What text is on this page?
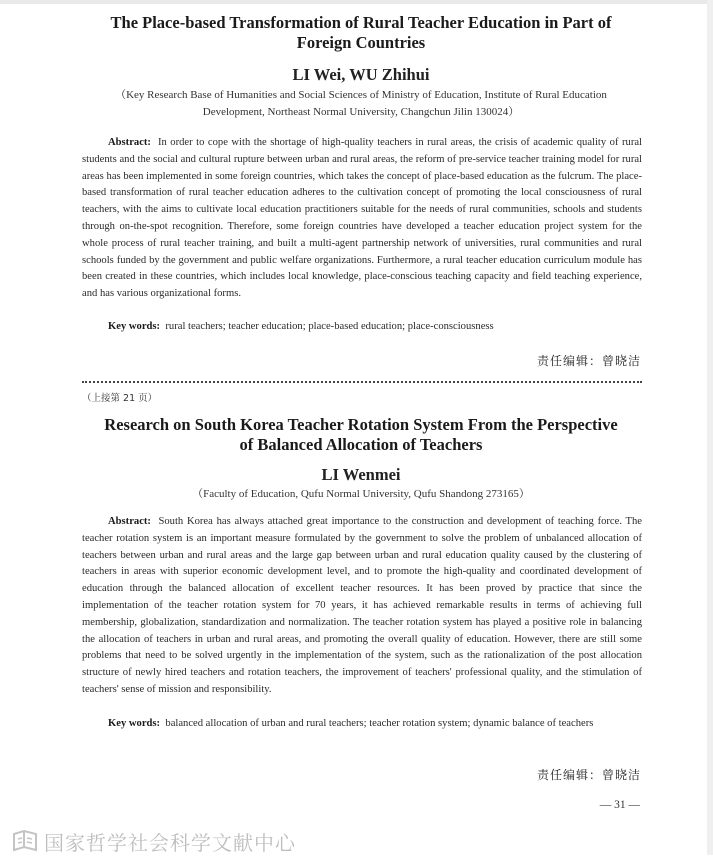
The Place-based Transformation of Rural Teacher Education in Part of
Foreign Countries
LI Wei, WU Zhihui
（Key Research Base of Humanities and Social Sciences of Ministry of Education, Institute of Rural Education
Development, Northeast Normal University, Changchun Jilin 130024）

Abstract: In order to cope with the shortage of high-quality teachers in rural areas, the crisis of academic quality of rural students and the social and cultural rupture between urban and rural areas, the reform of pre-service teacher training model for rural areas has been implemented in some foreign countries, which takes the concept of place-based education as the fulcrum. The place-based transformation of rural teacher education adheres to the cultivation concept of promoting the local consciousness of rural teachers, with the aims to cultivate local education practitioners suitable for the needs of rural communities, schools and students through on-the-spot recognition. Therefore, some foreign countries have developed a teacher education project system for the whole process of rural teacher training, and built a multi-agent partnership network of universities, rural communities and rural schools funded by the government and public welfare organizations. Furthermore, a rural teacher education curriculum module has been created in these countries, which includes local knowledge, place-conscious teaching capacity and field teaching experience, and has various organizational forms.

Key words: rural teachers; teacher education; place-based education; place-consciousness

责任编辑：曾晓洁
（上接第 21 页）
Research on South Korea Teacher Rotation System From the Perspective
of Balanced Allocation of Teachers
LI Wenmei
（Faculty of Education, Qufu Normal University, Qufu Shandong 273165）

Abstract: South Korea has always attached great importance to the construction and development of teaching force. The teacher rotation system is an important measure formulated by the government to solve the problem of unbalanced allocation of teachers between urban and rural areas and the large gap between urban and rural education quality caused by the clustering of teachers in areas with superior economic development level, and to promote the high-quality and coordinated development of education through the balanced allocation of excellent teacher resources. It has been proved by practice that since the implementation of the teacher rotation system for 70 years, it has achieved remarkable results in terms of achieving full membership, globalization, standardization and normalization. The teacher rotation system has played a positive role in balancing the allocation of teachers in urban and rural areas, and promoting the overall quality of education. However, there are still some problems that need to be solved urgently in the implementation of the system, such as the rationalization of the post allocation structure of newly hired teachers and rotation teachers, the improvement of teachers' professional quality, and the stimulation of teachers' sense of mission and responsibility.

Key words: balanced allocation of urban and rural teachers; teacher rotation system; dynamic balance of teachers

责任编辑：曾晓洁
— 31 —
国家哲学社会科学文献中心
